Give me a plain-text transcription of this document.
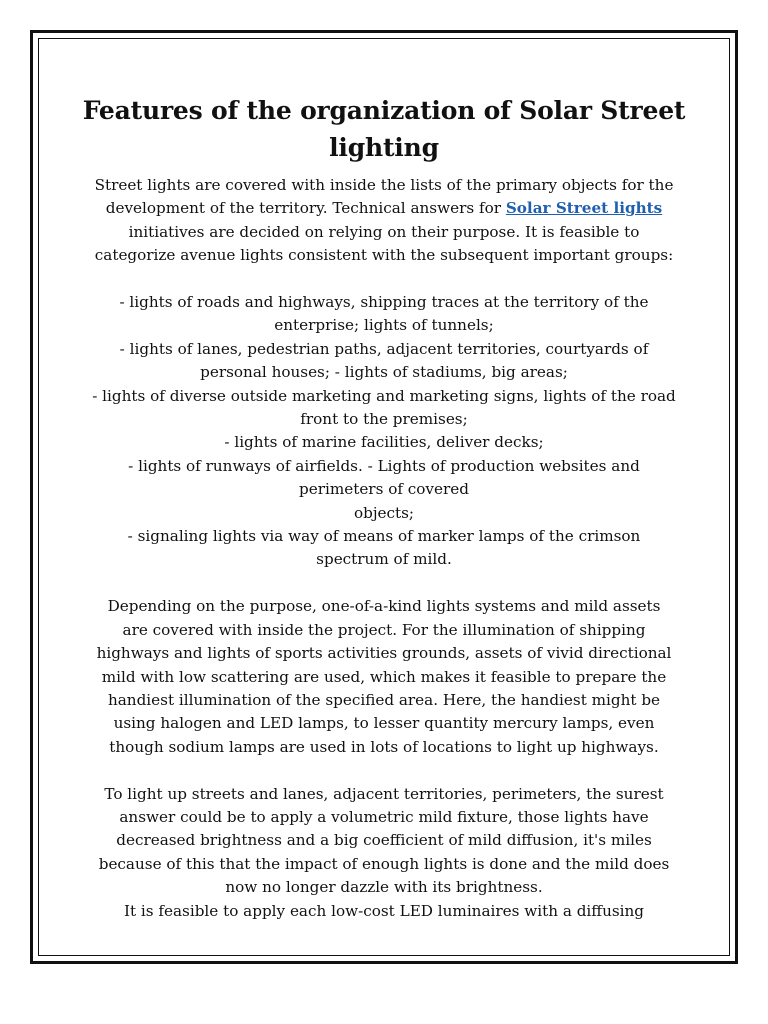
Features of the organization of Solar Street
lighting

Street lights are covered with inside the lists of the primary objects for the
development of the territory. Technical answers for Solar Street lights
initiatives are decided on relying on their purpose. It is feasible to
categorize avenue lights consistent with the subsequent important groups:

- lights of roads and highways, shipping traces at the territory of the
enterprise; lights of tunnels;
- lights of lanes, pedestrian paths, adjacent territories, courtyards of
personal houses; - lights of stadiums, big areas;
- lights of diverse outside marketing and marketing signs, lights of the road
front to the premises;
- lights of marine facilities, deliver decks;
- lights of runways of airfields. - Lights of production websites and
perimeters of covered
objects;
- signaling lights via way of means of marker lamps of the crimson
spectrum of mild.

Depending on the purpose, one-of-a-kind lights systems and mild assets
are covered with inside the project. For the illumination of shipping
highways and lights of sports activities grounds, assets of vivid directional
mild with low scattering are used, which makes it feasible to prepare the
handiest illumination of the specified area. Here, the handiest might be
using halogen and LED lamps, to lesser quantity mercury lamps, even
though sodium lamps are used in lots of locations to light up highways.

To light up streets and lanes, adjacent territories, perimeters, the surest
answer could be to apply a volumetric mild fixture, those lights have
decreased brightness and a big coefficient of mild diffusion, it's miles
because of this that the impact of enough lights is done and the mild does
now no longer dazzle with its brightness.
It is feasible to apply each low-cost LED luminaires with a diffusing
